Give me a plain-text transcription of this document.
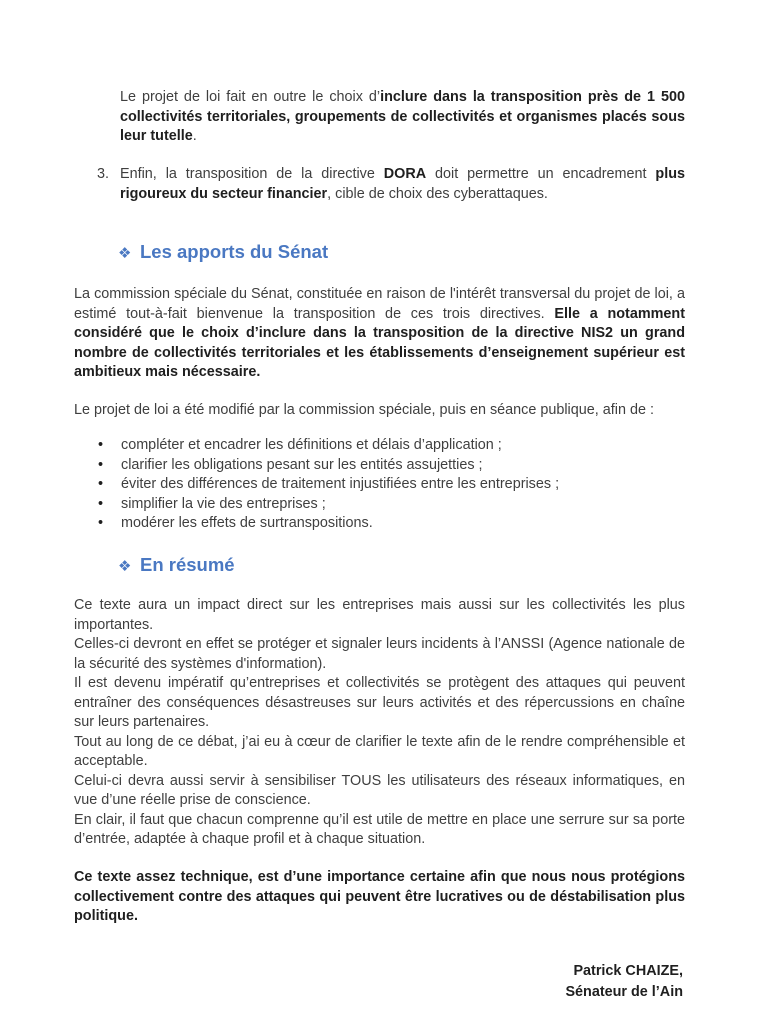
Le projet de loi fait en outre le choix d’inclure dans la transposition près de 1 500 collectivités territoriales, groupements de collectivités et organismes placés sous leur tutelle.

3. Enfin, la transposition de la directive DORA doit permettre un encadrement plus rigoureux du secteur financier, cible de choix des cyberattaques.

❖ Les apports du Sénat

La commission spéciale du Sénat, constituée en raison de l'intérêt transversal du projet de loi, a estimé tout-à-fait bienvenue la transposition de ces trois directives. Elle a notamment considéré que le choix d’inclure dans la transposition de la directive NIS2 un grand nombre de collectivités territoriales et les établissements d’enseignement supérieur est ambitieux mais nécessaire.

Le projet de loi a été modifié par la commission spéciale, puis en séance publique, afin de :

• compléter et encadrer les définitions et délais d’application ;
• clarifier les obligations pesant sur les entités assujetties ;
• éviter des différences de traitement injustifiées entre les entreprises ;
• simplifier la vie des entreprises ;
• modérer les effets de surtranspositions.
❖ En résumé

Ce texte aura un impact direct sur les entreprises mais aussi sur les collectivités les plus importantes.

Celles-ci devront en effet se protéger et signaler leurs incidents à l’ANSSI (Agence nationale de la sécurité des systèmes d'information).

Il est devenu impératif qu’entreprises et collectivités se protègent des attaques qui peuvent entraîner des conséquences désastreuses sur leurs activités et des répercussions en chaîne sur leurs partenaires.

Tout au long de ce débat, j’ai eu à cœur de clarifier le texte afin de le rendre compréhensible et acceptable.

Celui-ci devra aussi servir à sensibiliser TOUS les utilisateurs des réseaux informatiques, en vue d’une réelle prise de conscience.

En clair, il faut que chacun comprenne qu’il est utile de mettre en place une serrure sur sa porte d’entrée, adaptée à chaque profil et à chaque situation.

Ce texte assez technique, est d’une importance certaine afin que nous nous protégions collectivement contre des attaques qui peuvent être lucratives ou de déstabilisation plus politique.

Patrick CHAIZE,
Sénateur de l’Ain
